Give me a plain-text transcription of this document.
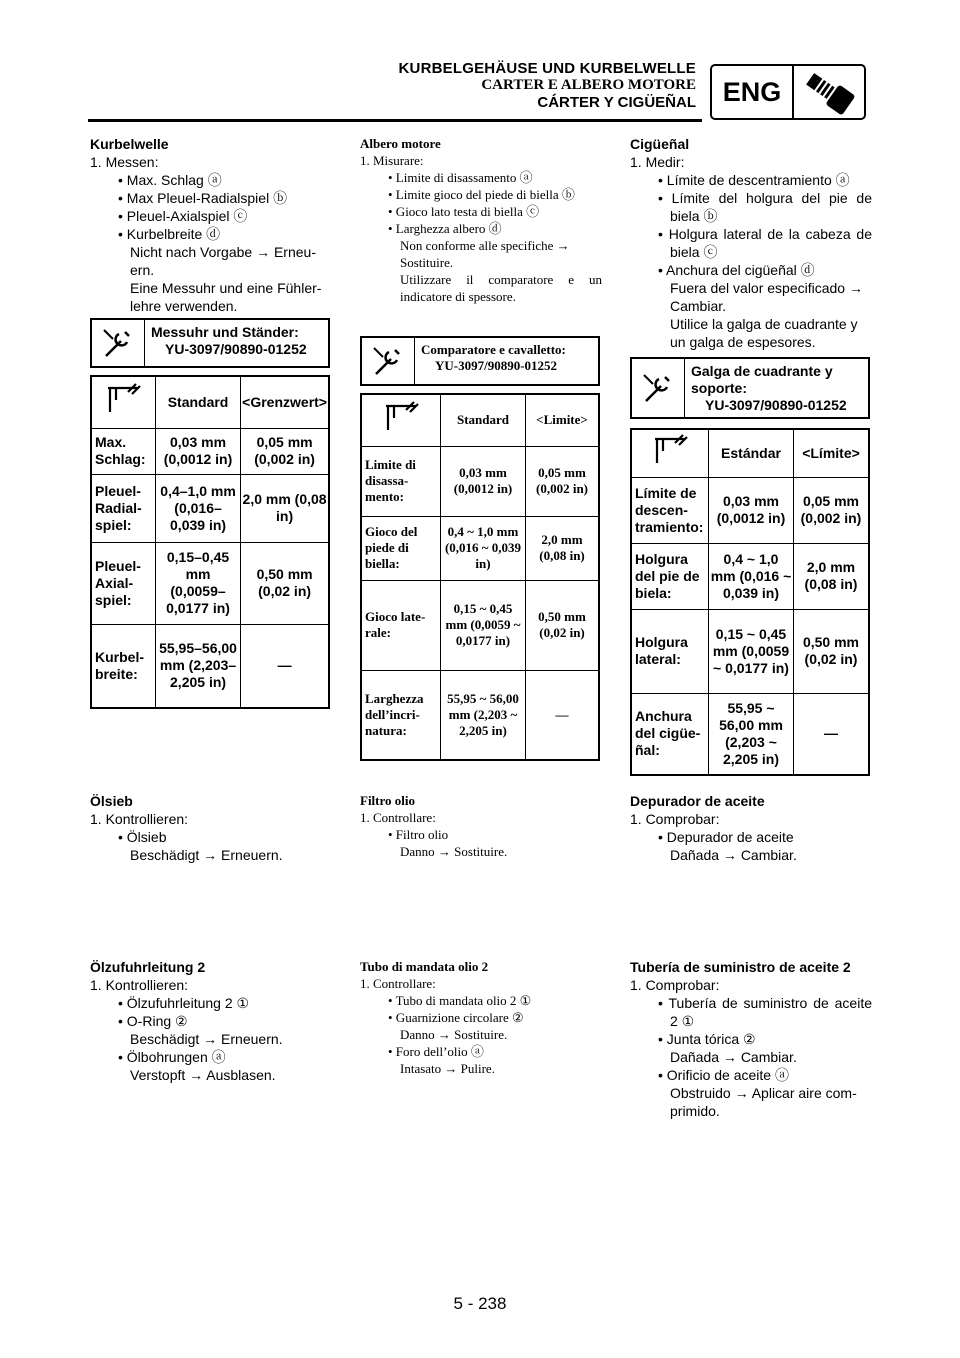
KURBELGEHÄUSE UND KURBELWELLE
CARTER E ALBERO MOTORE
CÁRTER Y CIGÜEÑAL ENG
Kurbelwelle
1. Messen:
• Max. Schlag ⓐ
• Max Pleuel-Radialspiel ⓑ
• Pleuel-Axialspiel ⓒ
• Kurbelbreite ⓓ
Nicht nach Vorgabe → Erneu-ern.
Eine Messuhr und eine Fühler-lehre verwenden.
Messuhr und Ständer:
YU-3097/90890-01252
	Standard	<Grenzwert>
Max. Schlag:	0,03 mm (0,0012 in)	0,05 mm (0,002 in)
Pleuel-Radial-spiel:	0,4–1,0 mm (0,016–0,039 in)	2,0 mm (0,08 in)
Pleuel-Axial-spiel:	0,15–0,45 mm (0,0059–0,0177 in)	0,50 mm (0,02 in)
Kurbel-breite:	55,95–56,00 mm (2,203–2,205 in)	—
Ölsieb
1. Kontrollieren:
• Ölsieb
Beschädigt → Erneuern.
Ölzufuhrleitung 2
1. Kontrollieren:
• Ölzufuhrleitung 2 ①
• O-Ring ②
Beschädigt → Erneuern.
• Ölbohrungen ⓐ
Verstopft → Ausblasen.
Albero motore
1. Misurare:
• Limite di disassamento ⓐ
• Limite gioco del piede di biella ⓑ
• Gioco lato testa di biella ⓒ
• Larghezza albero ⓓ
Non conforme alle specifiche → Sostituire.
Utilizzare il comparatore e un indicatore di spessore.
Comparatore e cavalletto:
YU-3097/90890-01252
	Standard	<Limite>
Limite di disassa-mento:	0,03 mm (0,0012 in)	0,05 mm (0,002 in)
Gioco del piede di biella:	0,4 ~ 1,0 mm (0,016 ~ 0,039 in)	2,0 mm (0,08 in)
Gioco late-rale:	0,15 ~ 0,45 mm (0,0059 ~ 0,0177 in)	0,50 mm (0,02 in)
Larghezza dell’incri-natura:	55,95 ~ 56,00 mm (2,203 ~ 2,205 in)	—
Filtro olio
1. Controllare:
• Filtro olio
Danno → Sostituire.
Tubo di mandata olio 2
1. Controllare:
• Tubo di mandata olio 2 ①
• Guarnizione circolare ②
Danno → Sostituire.
• Foro dell’olio ⓐ
Intasato → Pulire.
Cigüeñal
1. Medir:
• Límite de descentramiento ⓐ
• Límite del holgura del pie de biela ⓑ
• Holgura lateral de la cabeza de biela ⓒ
• Anchura del cigüeñal ⓓ
Fuera del valor especificado → Cambiar.
Utilice la galga de cuadrante y un galga de espesores.
Galga de cuadrante y soporte:
YU-3097/90890-01252
	Estándar	<Límite>
Límite de descen-tramiento:	0,03 mm (0,0012 in)	0,05 mm (0,002 in)
Holgura del pie de biela:	0,4 ~ 1,0 mm (0,016 ~ 0,039 in)	2,0 mm (0,08 in)
Holgura lateral:	0,15 ~ 0,45 mm (0,0059 ~ 0,0177 in)	0,50 mm (0,02 in)
Anchura del cigüe-ñal:	55,95 ~ 56,00 mm (2,203 ~ 2,205 in)	—
Depurador de aceite
1. Comprobar:
• Depurador de aceite
Dañada → Cambiar.
Tubería de suministro de aceite 2
1. Comprobar:
• Tubería de suministro de aceite 2 ①
• Junta tórica ②
Dañada → Cambiar.
• Orificio de aceite ⓐ
Obstruido → Aplicar aire com-primido.
5 - 238
